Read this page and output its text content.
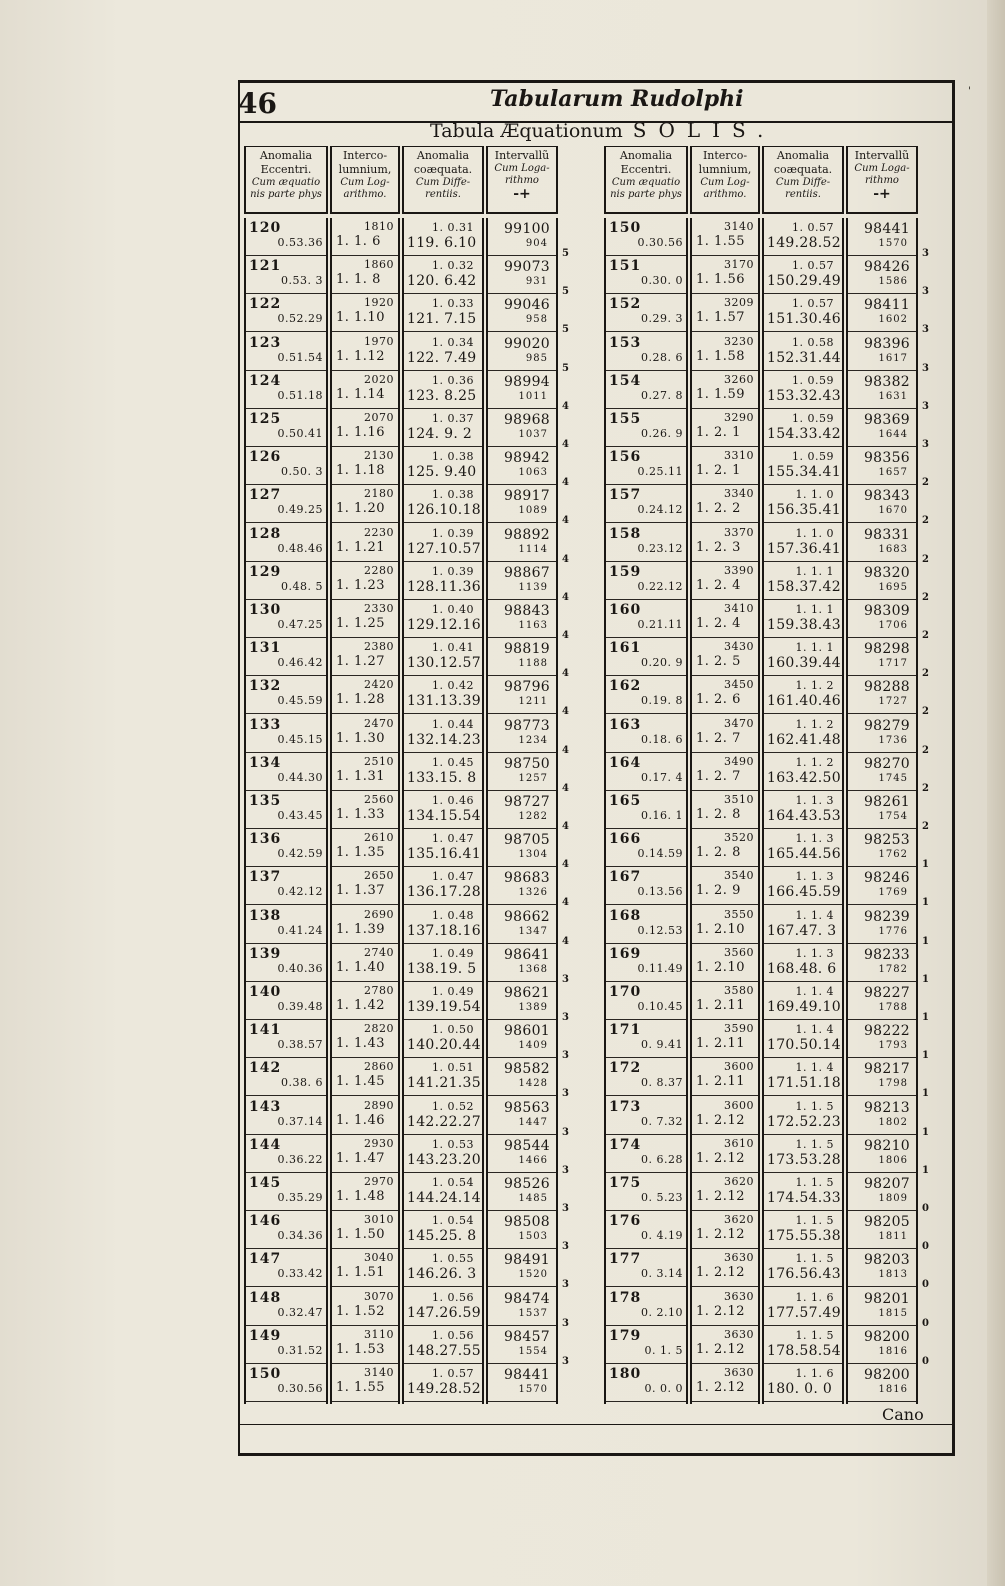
'
46	Tabularum Rudolphi
Tabula Æquationum SOLIS.
Anomalia
Eccentri.
Cum æquatio
nis parte phys
120
0.53.36
121
0.53. 3
122
0.52.29
123
0.51.54
124
0.51.18
125
0.50.41
126
0.50. 3
127
0.49.25
128
0.48.46
129
0.48. 5
130
0.47.25
131
0.46.42
132
0.45.59
133
0.45.15
134
0.44.30
135
0.43.45
136
0.42.59
137
0.42.12
138
0.41.24
139
0.40.36
140
0.39.48
141
0.38.57
142
0.38. 6
143
0.37.14
144
0.36.22
145
0.35.29
146
0.34.36
147
0.33.42
148
0.32.47
149
0.31.52
150
0.30.56
Interco-
lumnium,
Cum Log-
arithmo.
1810
1. 1. 6
1860
1. 1. 8
1920
1. 1.10
1970
1. 1.12
2020
1. 1.14
2070
1. 1.16
2130
1. 1.18
2180
1. 1.20
2230
1. 1.21
2280
1. 1.23
2330
1. 1.25
2380
1. 1.27
2420
1. 1.28
2470
1. 1.30
2510
1. 1.31
2560
1. 1.33
2610
1. 1.35
2650
1. 1.37
2690
1. 1.39
2740
1. 1.40
2780
1. 1.42
2820
1. 1.43
2860
1. 1.45
2890
1. 1.46
2930
1. 1.47
2970
1. 1.48
3010
1. 1.50
3040
1. 1.51
3070
1. 1.52
3110
1. 1.53
3140
1. 1.55
Anomalia
coæquata.
Cum Diffe-
rentiis.
1. 0.31
119. 6.10
1. 0.32
120. 6.42
1. 0.33
121. 7.15
1. 0.34
122. 7.49
1. 0.36
123. 8.25
1. 0.37
124. 9. 2
1. 0.38
125. 9.40
1. 0.38
126.10.18
1. 0.39
127.10.57
1. 0.39
128.11.36
1. 0.40
129.12.16
1. 0.41
130.12.57
1. 0.42
131.13.39
1. 0.44
132.14.23
1. 0.45
133.15. 8
1. 0.46
134.15.54
1. 0.47
135.16.41
1. 0.47
136.17.28
1. 0.48
137.18.16
1. 0.49
138.19. 5
1. 0.49
139.19.54
1. 0.50
140.20.44
1. 0.51
141.21.35
1. 0.52
142.22.27
1. 0.53
143.23.20
1. 0.54
144.24.14
1. 0.54
145.25. 8
1. 0.55
146.26. 3
1. 0.56
147.26.59
1. 0.56
148.27.55
1. 0.57
149.28.52
Intervallũ
Cum Loga-
rithmo
-+
99100
904
99073
931
99046
958
99020
985
98994
1011
98968
1037
98942
1063
98917
1089
98892
1114
98867
1139
98843
1163
98819
1188
98796
1211
98773
1234
98750
1257
98727
1282
98705
1304
98683
1326
98662
1347
98641
1368
98621
1389
98601
1409
98582
1428
98563
1447
98544
1466
98526
1485
98508
1503
98491
1520
98474
1537
98457
1554
98441
1570
5
5
5
5
4
4
4
4
4
4
4
4
4
4
4
4
4
4
4
3
3
3
3
3
3
3
3
3
3
3
Anomalia
Eccentri.
Cum æquatio
nis parte phys
150
0.30.56
151
0.30. 0
152
0.29. 3
153
0.28. 6
154
0.27. 8
155
0.26. 9
156
0.25.11
157
0.24.12
158
0.23.12
159
0.22.12
160
0.21.11
161
0.20. 9
162
0.19. 8
163
0.18. 6
164
0.17. 4
165
0.16. 1
166
0.14.59
167
0.13.56
168
0.12.53
169
0.11.49
170
0.10.45
171
0. 9.41
172
0. 8.37
173
0. 7.32
174
0. 6.28
175
0. 5.23
176
0. 4.19
177
0. 3.14
178
0. 2.10
179
0. 1. 5
180
0. 0. 0
Interco-
lumnium,
Cum Log-
arithmo.
3140
1. 1.55
3170
1. 1.56
3209
1. 1.57
3230
1. 1.58
3260
1. 1.59
3290
1. 2. 1
3310
1. 2. 1
3340
1. 2. 2
3370
1. 2. 3
3390
1. 2. 4
3410
1. 2. 4
3430
1. 2. 5
3450
1. 2. 6
3470
1. 2. 7
3490
1. 2. 7
3510
1. 2. 8
3520
1. 2. 8
3540
1. 2. 9
3550
1. 2.10
3560
1. 2.10
3580
1. 2.11
3590
1. 2.11
3600
1. 2.11
3600
1. 2.12
3610
1. 2.12
3620
1. 2.12
3620
1. 2.12
3630
1. 2.12
3630
1. 2.12
3630
1. 2.12
3630
1. 2.12
Anomalia
coæquata.
Cum Diffe-
rentiis.
1. 0.57
149.28.52
1. 0.57
150.29.49
1. 0.57
151.30.46
1. 0.58
152.31.44
1. 0.59
153.32.43
1. 0.59
154.33.42
1. 0.59
155.34.41
1. 1. 0
156.35.41
1. 1. 0
157.36.41
1. 1. 1
158.37.42
1. 1. 1
159.38.43
1. 1. 1
160.39.44
1. 1. 2
161.40.46
1. 1. 2
162.41.48
1. 1. 2
163.42.50
1. 1. 3
164.43.53
1. 1. 3
165.44.56
1. 1. 3
166.45.59
1. 1. 4
167.47. 3
1. 1. 3
168.48. 6
1. 1. 4
169.49.10
1. 1. 4
170.50.14
1. 1. 4
171.51.18
1. 1. 5
172.52.23
1. 1. 5
173.53.28
1. 1. 5
174.54.33
1. 1. 5
175.55.38
1. 1. 5
176.56.43
1. 1. 6
177.57.49
1. 1. 5
178.58.54
1. 1. 6
180. 0. 0
Intervallũ
Cum Loga-
rithmo
-+
98441
1570
98426
1586
98411
1602
98396
1617
98382
1631
98369
1644
98356
1657
98343
1670
98331
1683
98320
1695
98309
1706
98298
1717
98288
1727
98279
1736
98270
1745
98261
1754
98253
1762
98246
1769
98239
1776
98233
1782
98227
1788
98222
1793
98217
1798
98213
1802
98210
1806
98207
1809
98205
1811
98203
1813
98201
1815
98200
1816
98200
1816
3
3
3
3
3
3
2
2
2
2
2
2
2
2
2
2
1
1
1
1
1
1
1
1
1
0
0
0
0
0
Cano
